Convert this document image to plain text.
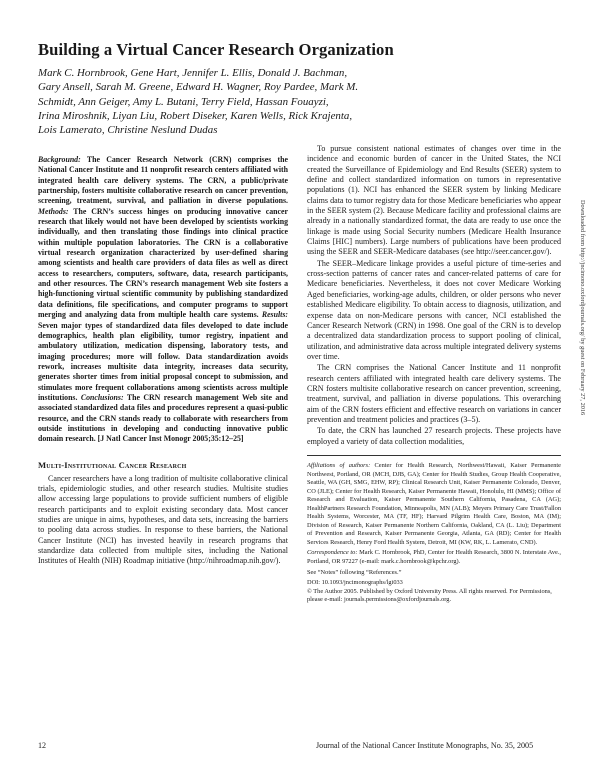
Building a Virtual Cancer Research Organization
Mark C. Hornbrook, Gene Hart, Jennifer L. Ellis, Donald J. Bachman,
Gary Ansell, Sarah M. Greene, Edward H. Wagner, Roy Pardee, Mark M.
Schmidt, Ann Geiger, Amy L. Butani, Terry Field, Hassan Fouayzi,
Irina Miroshnik, Liyan Liu, Robert Diseker, Karen Wells, Rick Krajenta,
Lois Lamerato, Christine Neslund Dudas

Background: The Cancer Research Network (CRN) comprises the National Cancer Institute and 11 nonprofit research centers affiliated with integrated health care delivery systems. The CRN, a public/private partnership, fosters multisite collaborative research on cancer prevention, screening, treatment, survival, and palliation in diverse populations. Methods: The CRN’s success hinges on producing innovative cancer research that likely would not have been developed by scientists working individually, and then translating those findings into clinical practice within multiple population laboratories. The CRN is a collaborative virtual research organization characterized by user-defined sharing among scientists and health care providers of data files as well as direct access to researchers, computers, software, data, research participants, and other resources. The CRN’s research management Web site fosters a high-functioning virtual scientific community by publishing standardized data definitions, file specifications, and computer programs to support merging and analyzing data from multiple health care systems. Results: Seven major types of standardized data files developed to date include demographics, health plan eligibility, tumor registry, inpatient and ambulatory utilization, medication dispensing, laboratory tests, and imaging procedures; more will follow. Data standardization avoids rework, increases multisite data integrity, increases data security, generates shorter times from initial proposal concept to submission, and stimulates more frequent collaborations among scientists across multiple institutions. Conclusions: The CRN research management Web site and associated standardized data files and procedures represent a quasi-public resource, and the CRN stands ready to collaborate with researchers from outside institutions in developing and conducting innovative public domain research. [J Natl Cancer Inst Monogr 2005;35:12–25]

Multi-Institutional Cancer Research

Cancer researchers have a long tradition of multisite collaborative clinical trials, epidemiologic studies, and other research studies. Multisite studies allow accessing large populations to provide sufficient numbers of eligible research participants and to exploit existing secondary data. Most cancer studies are unique in aims, hypotheses, and data sets, increasing the barriers to pooling data across studies. In response to these barriers, the National Cancer Institute (NCI) has invested heavily in research programs that standardize data collected from multiple sites, including the National Institutes of Health (NIH) Roadmap initiative (http://nihroadmap.nih.gov/).

To pursue consistent national estimates of changes over time in the incidence and economic burden of cancer in the United States, the NCI created the Surveillance of Epidemiology and End Results (SEER) system to define and collect standardized information on tumors in representative populations (1). NCI has enhanced the SEER system by linking Medicare claims data to tumor registry data for those Medicare beneficiaries who appear in the SEER system (2). Because Medicare facility and professional claims are already in a nationally standardized format, the data are ready to use once the linkage is made using Social Security numbers (Medicare Health Insurance Claims [HIC] numbers). Large numbers of publications have been produced using the SEER and SEER-Medicare databases (see http://seer.cancer.gov/).

The SEER–Medicare linkage provides a useful picture of time-series and cross-section patterns of cancer rates and cancer-related patterns of care for Medicare beneficiaries. Nevertheless, it does not cover Medicare Working Aged beneficiaries, working-age adults, children, or older persons who never established Medicare eligibility. To obtain access to diagnosis, utilization, and expense data on non-Medicare persons with cancer, NCI established the Cancer Research Network (CRN) in 1998. One goal of the CRN is to develop a decentralized data standardization process to support pooling of clinical, utilization, and administrative data across multiple integrated delivery systems over time.

The CRN comprises the National Cancer Institute and 11 nonprofit research centers affiliated with integrated health care delivery systems. The CRN fosters multisite collaborative research on cancer prevention, screening, treatment, survival, and palliation in diverse populations. This overarching aim of the CRN fosters efficient and effective research on variations in cancer prevention and treatment policies and practices (3–5).

To date, the CRN has launched 27 research projects. These projects have employed a variety of data collection modalities,

Affiliations of authors: Center for Health Research, Northwest/Hawaii, Kaiser Permanente Northwest, Portland, OR (MCH, DJB, GA); Center for Health Studies, Group Health Cooperative, Seattle, WA (GH, SMG, EHW, RP); Clinical Research Unit, Kaiser Permanente Colorado, Denver, CO (JLE); Center for Health Research, Kaiser Permanente Hawaii, Honolulu, HI (MMS); Office of Research and Evaluation, Kaiser Permanente Southern California, Pasadena, CA (AG); HealthPartners Research Foundation, Minneapolis, MN (ALB); Meyers Primary Care Trust/Fallon Health Systems, Worcester, MA (TF, HF); Harvard Pilgrim Health Care, Boston, MA (IM); Division of Research, Kaiser Permanente Northern California, Oakland, CA (L. Liu); Department of Prevention and Research, Kaiser Permanente Georgia, Atlanta, GA (RD); Center for Health Services Research, Henry Ford Health System, Detroit, MI (KW, RK, L. Lamerato, CND).

Correspondence to: Mark C. Hornbrook, PhD, Center for Health Research, 3800 N. Interstate Ave., Portland, OR 97227 (e-mail: mark.c.hornbrook@kpchr.org).

See “Notes” following “References.”

DOI: 10.1093/jncimonographs/lgi033

© The Author 2005. Published by Oxford University Press. All rights reserved. For Permissions, please e-mail: journals.permissions@oxfordjournals.org.

12	Journal of the National Cancer Institute Monographs, No. 35, 2005
Downloaded from http://jncimono.oxfordjournals.org/ by guest on February 27, 2016
